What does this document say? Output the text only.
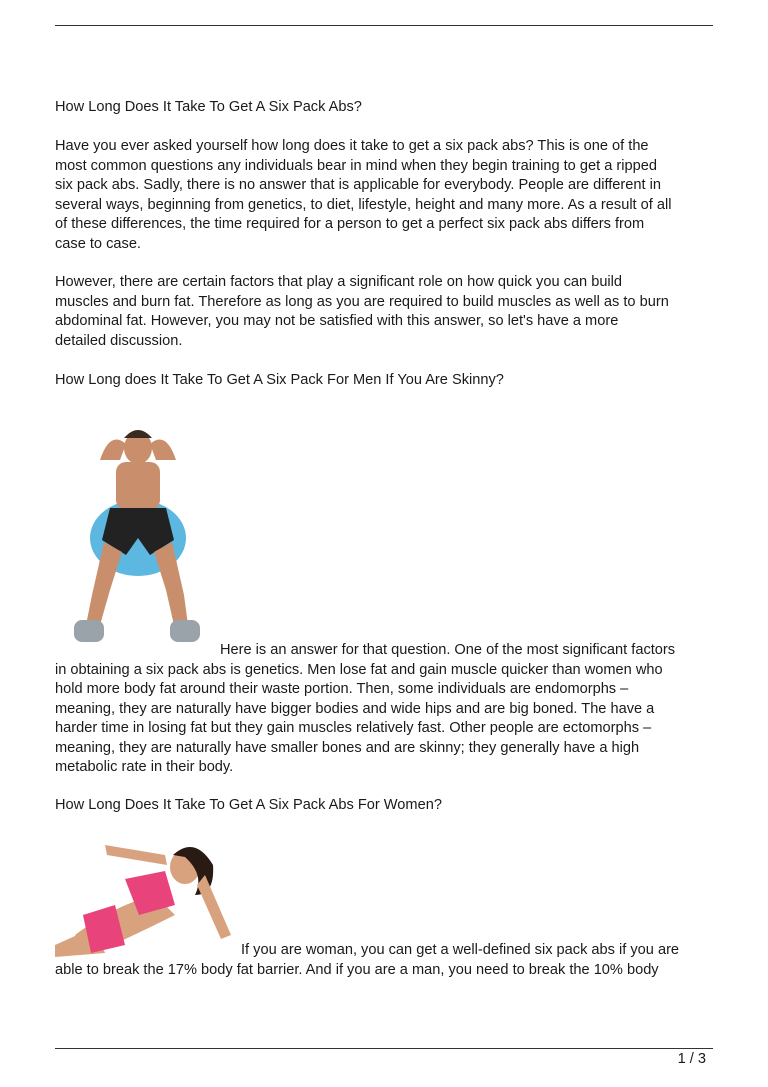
How Long Does It Take To Get A Six Pack Abs?
Have you ever asked yourself how long does it take to get a six pack abs? This is one of the
most common questions any individuals bear in mind when they begin training to get a ripped
six pack abs. Sadly, there is no answer that is applicable for everybody. People are different in
several ways, beginning from genetics, to diet, lifestyle, height and many more. As a result of all
of these differences, the time required for a person to get a perfect six pack abs differs from
case to case.
However, there are certain factors that play a significant role on how quick you can build
muscles and burn fat. Therefore as long as you are required to build muscles as well as to burn
abdominal fat. However, you may not be satisfied with this answer, so let's have a more
detailed discussion.
How Long does It Take To Get A Six Pack For Men If You Are Skinny?
Here is an answer for that question. One of the most significant factors
in obtaining a six pack abs is genetics. Men lose fat and gain muscle quicker than women who
hold more body fat around their waste portion. Then, some individuals are endomorphs –
meaning, they are naturally have bigger bodies and wide hips and are big boned. The have a
harder time in losing fat but they gain muscles relatively fast. Other people are ectomorphs –
meaning, they are naturally have smaller bones and are skinny; they generally have a high
metabolic rate in their body.
How Long Does It Take To Get A Six Pack Abs For Women?
If you are woman, you can get a well-defined six pack abs if you are
able to break the 17% body fat barrier. And if you are a man, you need to break the 10% body
1 / 3
